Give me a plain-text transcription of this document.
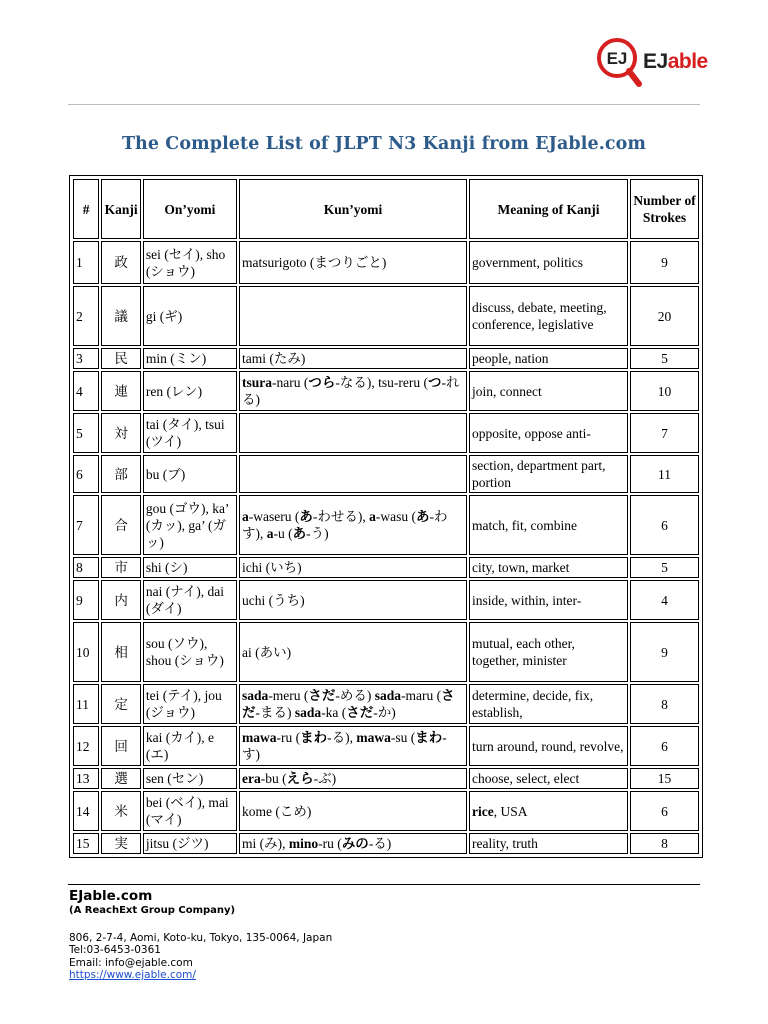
EJ EJable
The Complete List of JLPT N3 Kanji from EJable.com
#	Kanji	On’yomi	Kun’yomi	Meaning of Kanji	Number of Strokes
1	政	sei (セイ), sho (ショウ)	matsurigoto (まつりごと)	government, politics	9
2	議	gi (ギ)		discuss, debate, meeting, conference, legislative	20
3	民	min (ミン)	tami (たみ)	people, nation	5
4	連	ren (レン)	tsura-naru (つら-なる), tsu-reru (つ-れる)	join, connect	10
5	対	tai (タイ), tsui (ツイ)		opposite, oppose anti-	7
6	部	bu (ブ)		section, department part, portion	11
7	合	gou (ゴウ), ka’ (カッ), ga’ (ガッ)	a-waseru (あ-わせる), a-wasu (あ-わす), a-u (あ-う)	match, fit, combine	6
8	市	shi (シ)	ichi (いち)	city, town, market	5
9	内	nai (ナイ), dai (ダイ)	uchi (うち)	inside, within, inter-	4
10	相	sou (ソウ), shou (ショウ)	ai (あい)	mutual, each other, together, minister	9
11	定	tei (テイ), jou (ジョウ)	sada-meru (さだ-める) sada-maru (さだ-まる) sada-ka (さだ-か)	determine, decide, fix, establish,	8
12	回	kai (カイ), e (エ)	mawa-ru (まわ-る), mawa-su (まわ-す)	turn around, round, revolve,	6
13	選	sen (セン)	era-bu (えら-ぶ)	choose, select, elect	15
14	米	bei (ベイ), mai (マイ)	kome (こめ)	rice, USA	6
15	実	jitsu (ジツ)	mi (み), mino-ru (みの-る)	reality, truth	8
EJable.com
(A ReachExt Group Company)
806, 2-7-4, Aomi, Koto-ku, Tokyo, 135-0064, Japan
Tel:03-6453-0361
Email: info@ejable.com
https://www.ejable.com/
